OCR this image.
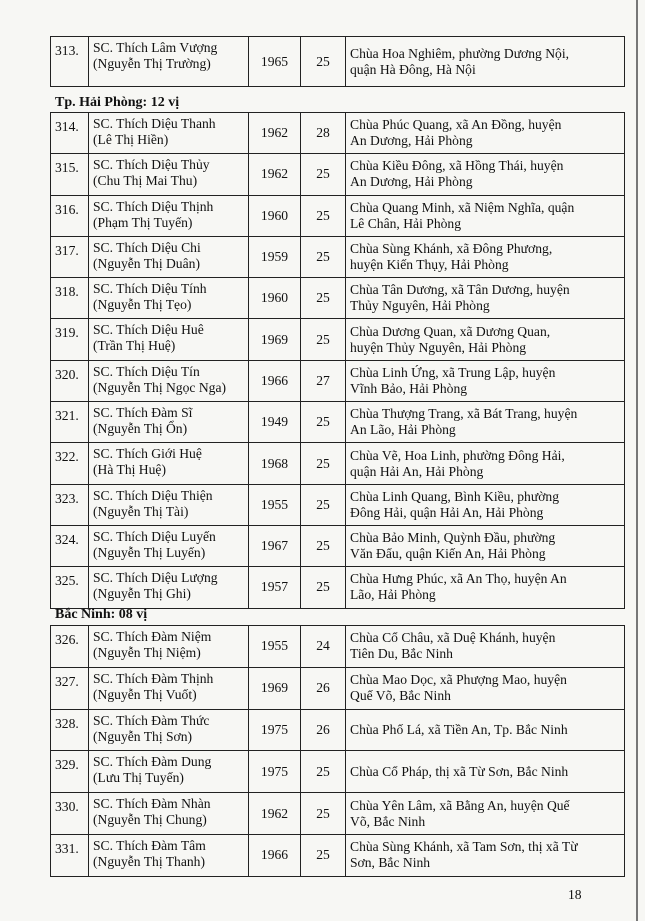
313.	SC. Thích Lâm Vượng
(Nguyễn Thị Trường)	1965	25	
Chùa Hoa Nghiêm, phường Dương Nội,
quận Hà Đông, Hà Nội
Tp. Hải Phòng: 12 vị
314.	SC. Thích Diệu Thanh
(Lê Thị Hiền)	1962	28	Chùa Phúc Quang, xã An Đồng, huyện
An Dương, Hải Phòng

315.	SC. Thích Diệu Thủy
(Chu Thị Mai Thu)	1962	25	Chùa Kiều Đông, xã Hồng Thái, huyện
An Dương, Hải Phòng

316.	SC. Thích Diệu Thịnh
(Phạm Thị Tuyến)	1960	25	Chùa Quang Minh, xã Niệm Nghĩa, quận
Lê Chân, Hải Phòng

317.	SC. Thích Diệu Chi
(Nguyễn Thị Duân)	1959	25	Chùa Sùng Khánh, xã Đông Phương,
huyện Kiến Thụy, Hải Phòng

318.	SC. Thích Diệu Tính
(Nguyễn Thị Tẹo)	1960	25	Chùa Tân Dương, xã Tân Dương, huyện
Thủy Nguyên, Hải Phòng

319.	SC. Thích Diệu Huê
(Trần Thị Huệ)	1969	25	Chùa Dương Quan, xã Dương Quan,
huyện Thủy Nguyên, Hải Phòng

320.	SC. Thích Diệu Tín
(Nguyễn Thị Ngọc Nga)	1966	27	Chùa Linh Ứng, xã Trung Lập, huyện
Vĩnh Bảo, Hải Phòng

321.	SC. Thích Đàm Sĩ
(Nguyễn Thị Ổn)	1949	25	Chùa Thượng Trang, xã Bát Trang, huyện
An Lão, Hải Phòng

322.	SC. Thích Giới Huệ
(Hà Thị Huệ)	1968	25	Chùa Vẽ, Hoa Linh, phường Đông Hải,
quận Hải An, Hải Phòng

323.	SC. Thích Diệu Thiện
(Nguyễn Thị Tài)	1955	25	Chùa Linh Quang, Bình Kiều, phường
Đông Hải, quận Hải An, Hải Phòng

324.	SC. Thích Diệu Luyến
(Nguyễn Thị Luyến)	1967	25	Chùa Bảo Minh, Quỳnh Đầu, phường
Văn Đẩu, quận Kiến An, Hải Phòng

325.	SC. Thích Diệu Lượng
(Nguyễn Thị Ghi)	1957	25	Chùa Hưng Phúc, xã An Thọ, huyện An
Lão, Hải Phòng
Bắc Ninh: 08 vị
326.	SC. Thích Đàm Niệm
(Nguyễn Thị Niệm)	1955	24	Chùa Cổ Châu, xã Duệ Khánh, huyện
Tiên Du, Bắc Ninh

327.	SC. Thích Đàm Thịnh
(Nguyễn Thị Vuốt)	1969	26	Chùa Mao Dọc, xã Phượng Mao, huyện
Quế Võ, Bắc Ninh

328.	SC. Thích Đàm Thức
(Nguyễn Thị Sơn)	1975	26	Chùa Phố Lá, xã Tiền An, Tp. Bắc Ninh

329.	SC. Thích Đàm Dung
(Lưu Thị Tuyến)	1975	25	Chùa Cổ Pháp, thị xã Từ Sơn, Bắc Ninh

330.	SC. Thích Đàm Nhàn
(Nguyễn Thị Chung)	1962	25	Chùa Yên Lâm, xã Bằng An, huyện Quế
Võ, Bắc Ninh

331.	SC. Thích Đàm Tâm
(Nguyễn Thị Thanh)	1966	25	Chùa Sùng Khánh, xã Tam Sơn, thị xã Từ
Sơn, Bắc Ninh
18
